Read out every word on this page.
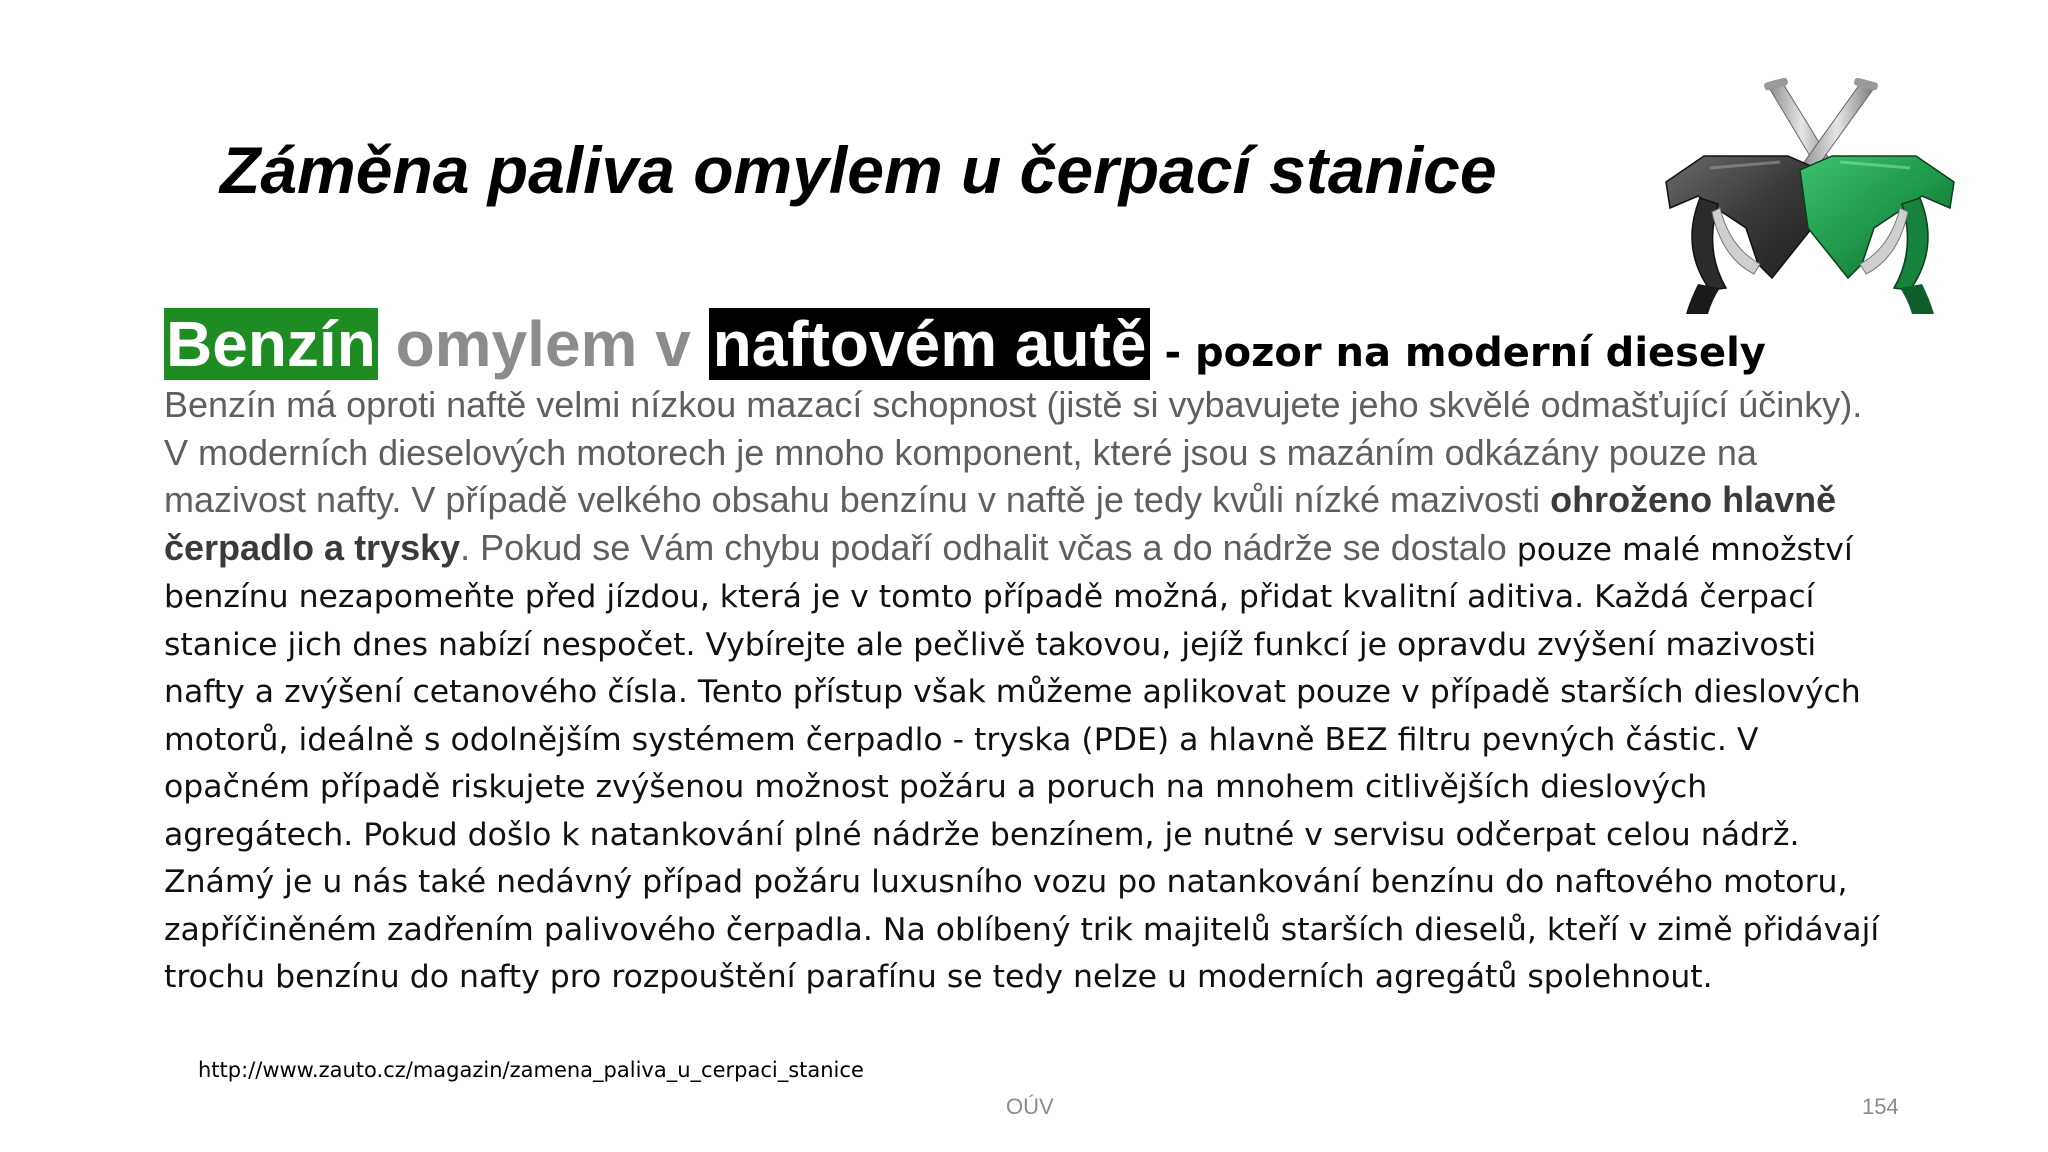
Záměna paliva omylem u čerpací stanice
Benzín omylem v naftovém autě - pozor na moderní diesely

Benzín má oproti naftě velmi nízkou mazací schopnost (jistě si vybavujete jeho skvělé odmašťující účinky). V moderních dieselových motorech je mnoho komponent, které jsou s mazáním odkázány pouze na mazivost nafty. V případě velkého obsahu benzínu v naftě je tedy kvůli nízké mazivosti ohroženo hlavně čerpadlo a trysky. Pokud se Vám chybu podaří odhalit včas a do nádrže se dostalo pouze malé množství benzínu nezapomeňte před jízdou, která je v tomto případě možná, přidat kvalitní aditiva. Každá čerpací stanice jich dnes nabízí nespočet. Vybírejte ale pečlivě takovou, jejíž funkcí je opravdu zvýšení mazivosti nafty a zvýšení cetanového čísla. Tento přístup však můžeme aplikovat pouze v případě starších dieslových motorů, ideálně s odolnějším systémem čerpadlo - tryska (PDE) a hlavně BEZ filtru pevných částic. V opačném případě riskujete zvýšenou možnost požáru a poruch na mnohem citlivějších dieslových agregátech. Pokud došlo k natankování plné nádrže benzínem, je nutné v servisu odčerpat celou nádrž. Známý je u nás také nedávný případ požáru luxusního vozu po natankování benzínu do naftového motoru, zapříčiněném zadřením palivového čerpadla. Na oblíbený trik majitelů starších dieselů, kteří v zimě přidávají trochu benzínu do nafty pro rozpouštění parafínu se tedy nelze u moderních agregátů spolehnout.

http://www.zauto.cz/magazin/zamena_paliva_u_cerpaci_stanice
OÚV	154
